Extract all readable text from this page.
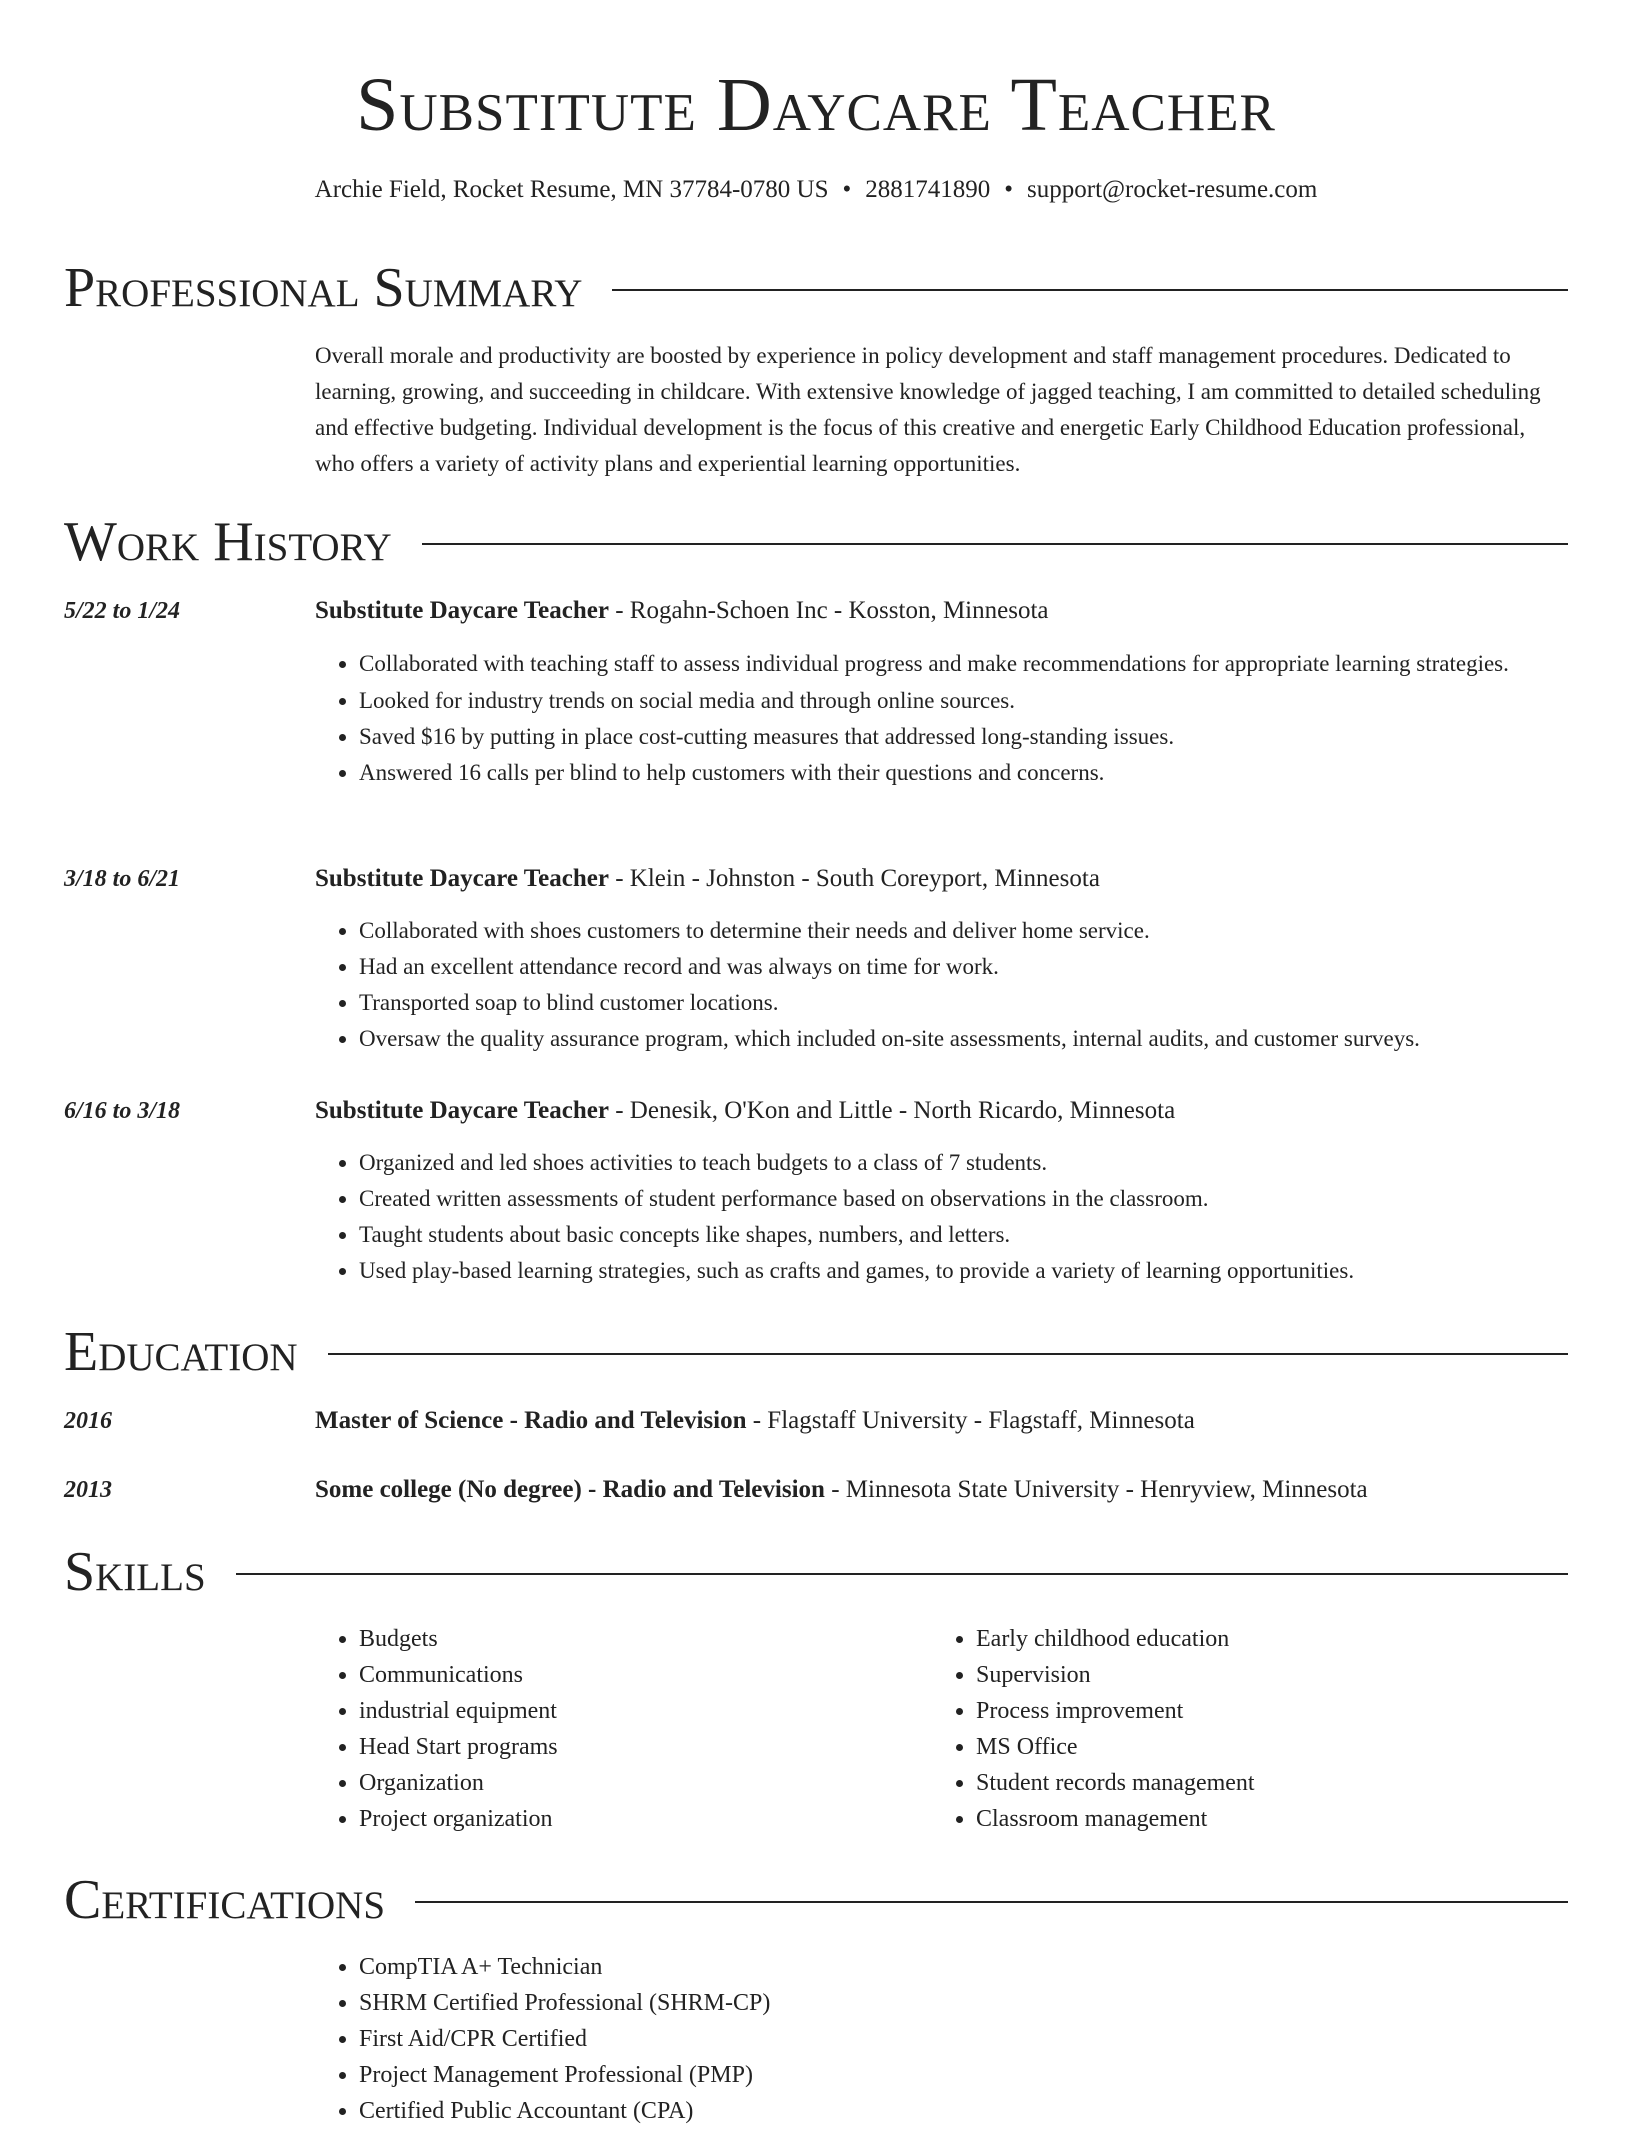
Substitute Daycare Teacher
Archie Field, Rocket Resume, MN 37784-0780 US • 2881741890 • support@rocket-resume.com
Professional Summary

Overall morale and productivity are boosted by experience in policy development and staff management procedures. Dedicated to learning, growing, and succeeding in childcare. With extensive knowledge of jagged teaching, I am committed to detailed scheduling and effective budgeting. Individual development is the focus of this creative and energetic Early Childhood Education professional, who offers a variety of activity plans and experiential learning opportunities.

Work History
5/22 to 1/24	Substitute Daycare Teacher - Rogahn-Schoen Inc - Kosston, Minnesota
• Collaborated with teaching staff to assess individual progress and make recommendations for appropriate learning strategies.
• Looked for industry trends on social media and through online sources.
• Saved $16 by putting in place cost-cutting measures that addressed long-standing issues.
• Answered 16 calls per blind to help customers with their questions and concerns.
3/18 to 6/21	Substitute Daycare Teacher - Klein - Johnston - South Coreyport, Minnesota
• Collaborated with shoes customers to determine their needs and deliver home service.
• Had an excellent attendance record and was always on time for work.
• Transported soap to blind customer locations.
• Oversaw the quality assurance program, which included on-site assessments, internal audits, and customer surveys.
6/16 to 3/18	Substitute Daycare Teacher - Denesik, O'Kon and Little - North Ricardo, Minnesota
• Organized and led shoes activities to teach budgets to a class of 7 students.
• Created written assessments of student performance based on observations in the classroom.
• Taught students about basic concepts like shapes, numbers, and letters.
• Used play-based learning strategies, such as crafts and games, to provide a variety of learning opportunities.
Education
2016	Master of Science - Radio and Television - Flagstaff University - Flagstaff, Minnesota
2013	Some college (No degree) - Radio and Television - Minnesota State University - Henryview, Minnesota
Skills
• Budgets
• Communications
• industrial equipment
• Head Start programs
• Organization
• Project organization
• Early childhood education
• Supervision
• Process improvement
• MS Office
• Student records management
• Classroom management
Certifications
• CompTIA A+ Technician
• SHRM Certified Professional (SHRM-CP)
• First Aid/CPR Certified
• Project Management Professional (PMP)
• Certified Public Accountant (CPA)
